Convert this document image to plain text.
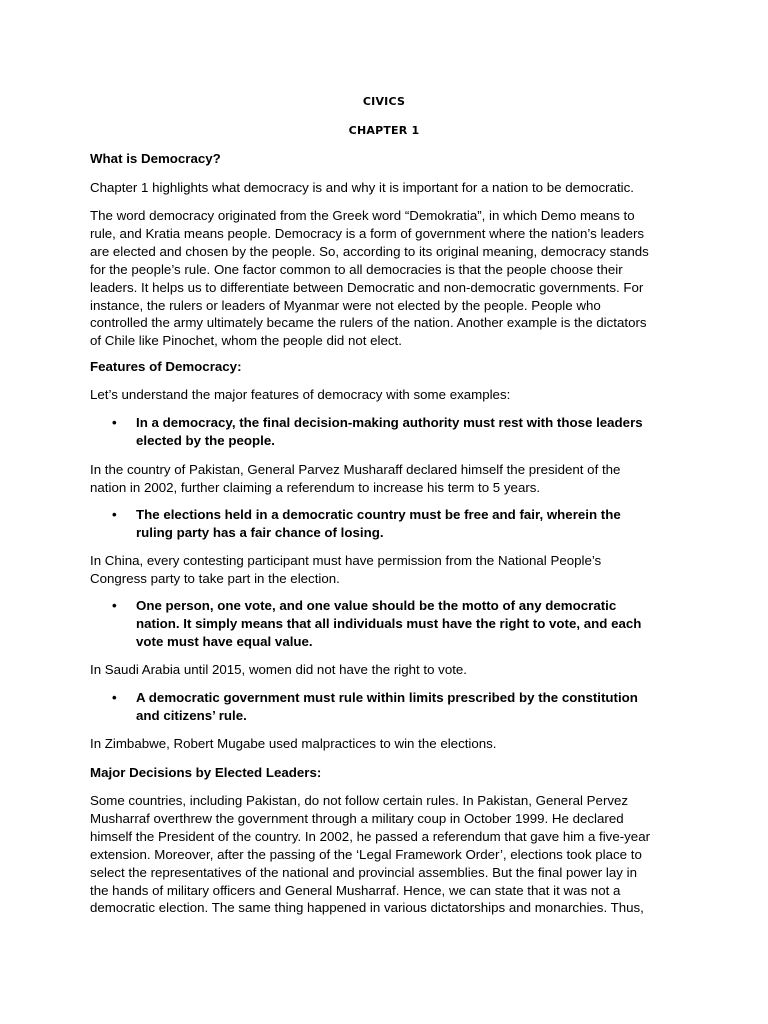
CIVICS
CHAPTER 1
What is Democracy?
Chapter 1 highlights what democracy is and why it is important for a nation to be democratic.
The word democracy originated from the Greek word “Demokratia”, in which Demo means to
rule, and Kratia means people. Democracy is a form of government where the nation’s leaders
are elected and chosen by the people. So, according to its original meaning, democracy stands
for the people’s rule. One factor common to all democracies is that the people choose their
leaders. It helps us to differentiate between Democratic and non-democratic governments. For
instance, the rulers or leaders of Myanmar were not elected by the people. People who
controlled the army ultimately became the rulers of the nation. Another example is the dictators
of Chile like Pinochet, whom the people did not elect.
Features of Democracy:
Let’s understand the major features of democracy with some examples:
• In a democracy, the final decision-making authority must rest with those leaders
elected by the people.
In the country of Pakistan, General Parvez Musharaff declared himself the president of the
nation in 2002, further claiming a referendum to increase his term to 5 years.
• The elections held in a democratic country must be free and fair, wherein the
ruling party has a fair chance of losing.
In China, every contesting participant must have permission from the National People’s
Congress party to take part in the election.
• One person, one vote, and one value should be the motto of any democratic
nation. It simply means that all individuals must have the right to vote, and each
vote must have equal value.
In Saudi Arabia until 2015, women did not have the right to vote.
• A democratic government must rule within limits prescribed by the constitution
and citizens’ rule.
In Zimbabwe, Robert Mugabe used malpractices to win the elections.
Major Decisions by Elected Leaders:
Some countries, including Pakistan, do not follow certain rules. In Pakistan, General Pervez
Musharraf overthrew the government through a military coup in October 1999. He declared
himself the President of the country. In 2002, he passed a referendum that gave him a five-year
extension. Moreover, after the passing of the ‘Legal Framework Order’, elections took place to
select the representatives of the national and provincial assemblies. But the final power lay in
the hands of military officers and General Musharraf. Hence, we can state that it was not a
democratic election. The same thing happened in various dictatorships and monarchies. Thus,
